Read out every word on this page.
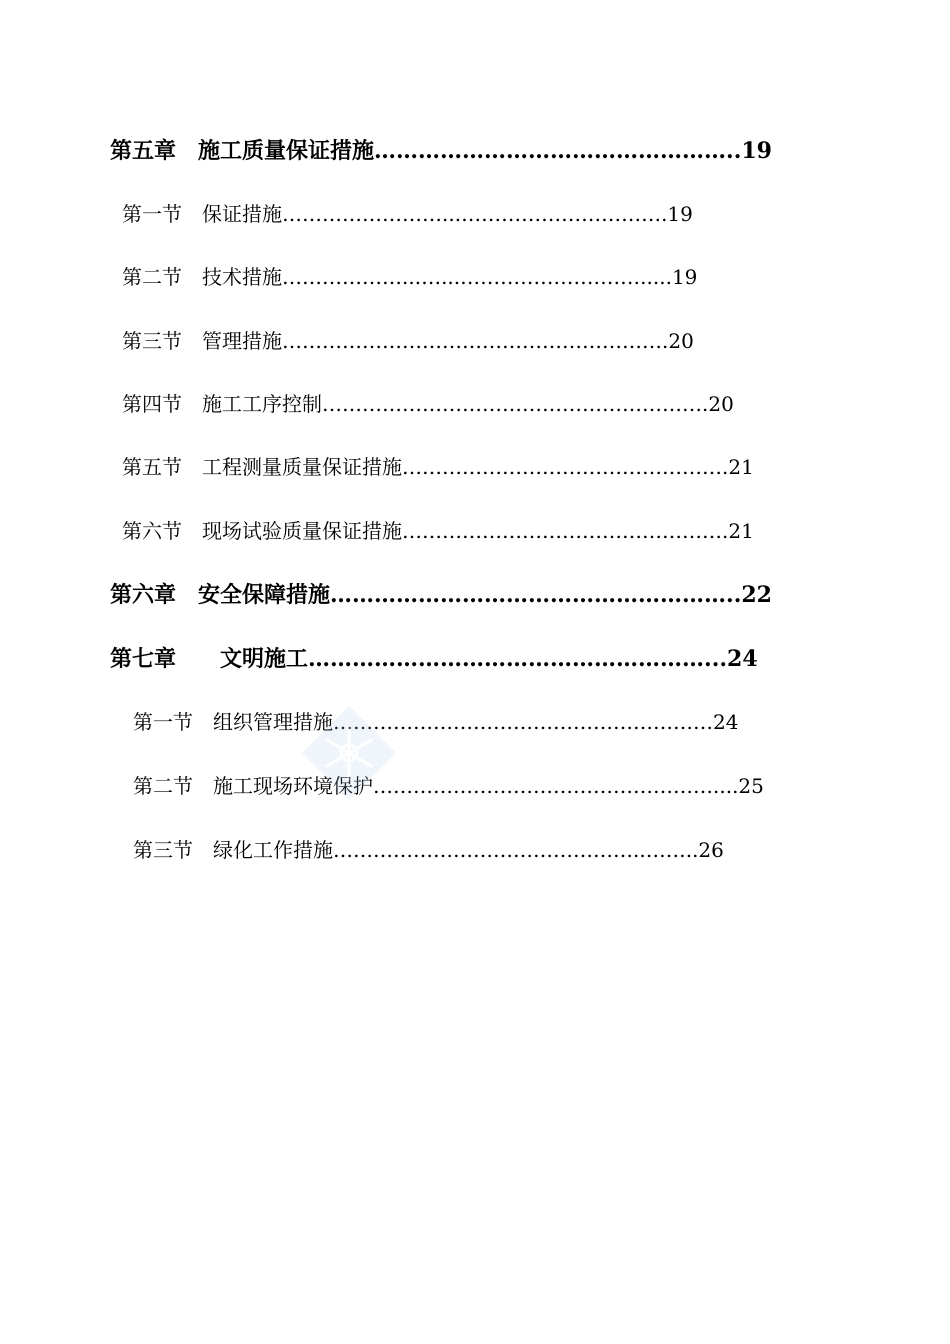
第五章　 施工质量保证措施…………………………………………..19
第一节　 保证措施……………………...………………………….19
第二节　 技术措施………………...…...……………………….....19
第三节　 管理措施………………………………………………….20
第四节　 施工工序控制………………………………………………….20
第五节　 工程测量质量保证措施………………………………………….21
第六节　 现场试验质量保证措施………………………………………….21
第六章　 安全保障措施………………………………………………..22
第七章　　 文明施工………………………………………………...24
第一节　 组织管理措施…………………………………………………24
第二节　 施工现场环境保护……………………………………………....25
第三节　 绿化工作措施………………………………………..……..26
